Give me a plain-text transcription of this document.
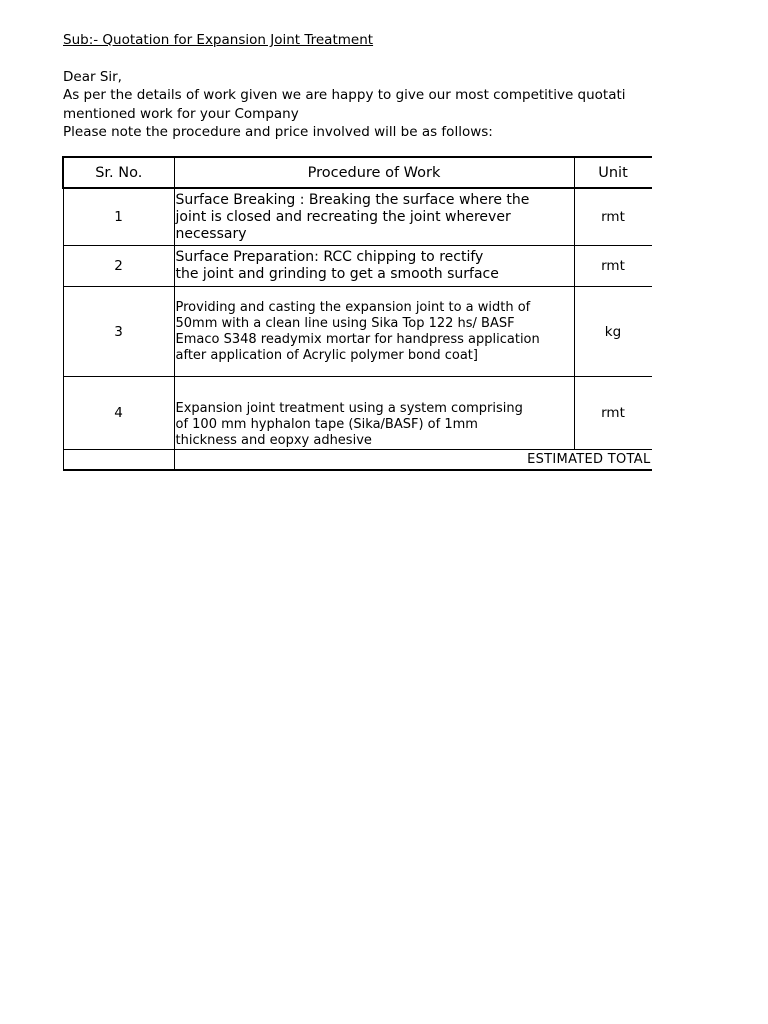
Sub:- Quotation for Expansion Joint Treatment
Dear Sir,
As per the details of work given we are happy to give our most competitive quotati
mentioned work for your Company
Please note the procedure and price involved will be as follows:
Sr. No.	Procedure of Work	Unit	
1	Surface Breaking : Breaking the surface where the
joint is closed and recreating the joint wherever
necessary	rmt	
2	Surface Preparation: RCC chipping to rectify
the joint and grinding to get a smooth surface	rmt	
3	Providing and casting the expansion joint to a width of
50mm with a clean line using Sika Top 122 hs/ BASF
Emaco S348 readymix mortar for handpress application
after application of Acrylic polymer bond coat]	kg	
4	Expansion joint treatment using a system comprising
of 100 mm hyphalon tape (Sika/BASF) of 1mm
thickness and eopxy adhesive	rmt	
	ESTIMATED TOTAL		
